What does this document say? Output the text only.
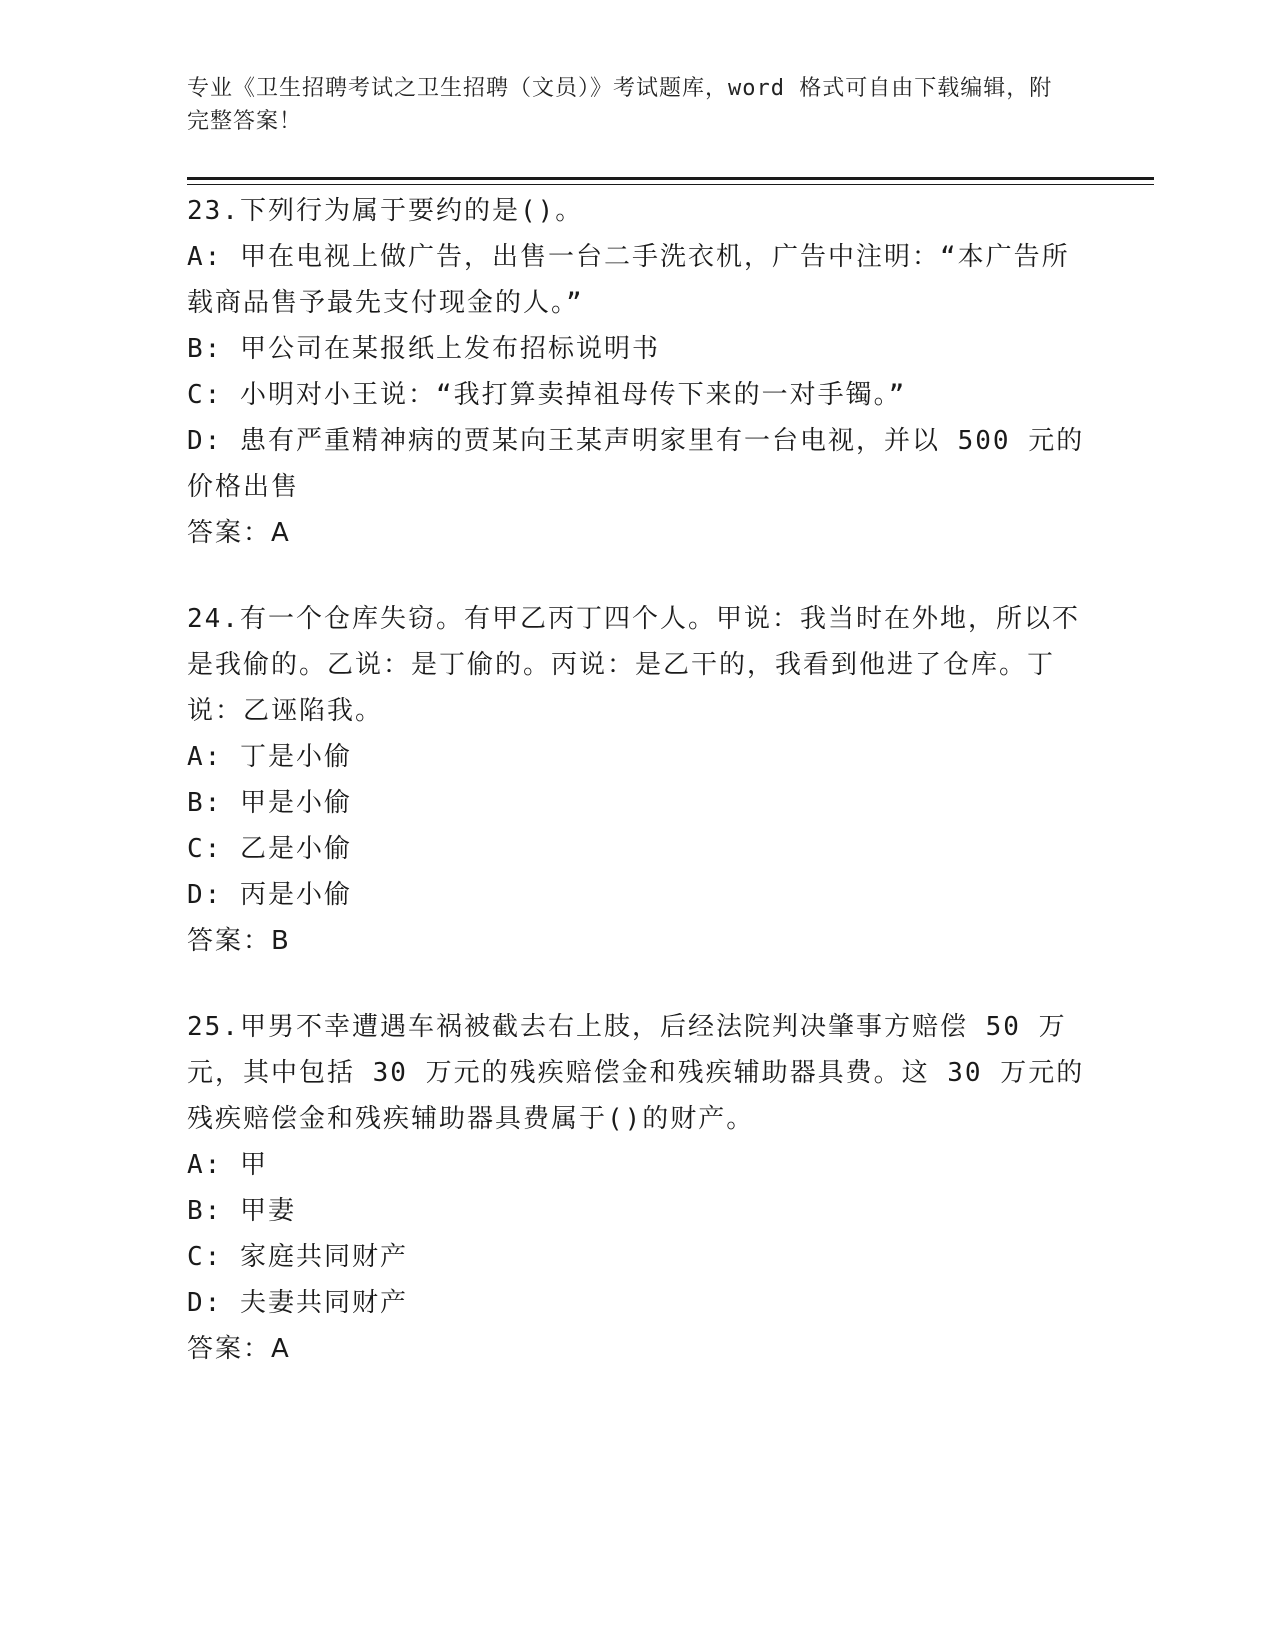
专业《卫生招聘考试之卫生招聘（文员）》考试题库，word 格式可自由下载编辑，附完整答案！
23.下列行为属于要约的是()。
A: 甲在电视上做广告，出售一台二手洗衣机，广告中注明：“本广告所载商品售予最先支付现金的人。”
B: 甲公司在某报纸上发布招标说明书
C: 小明对小王说：“我打算卖掉祖母传下来的一对手镯。”
D: 患有严重精神病的贾某向王某声明家里有一台电视，并以 500 元的价格出售
答案：A
24.有一个仓库失窃。有甲乙丙丁四个人。甲说：我当时在外地，所以不是我偷的。乙说：是丁偷的。丙说：是乙干的，我看到他进了仓库。丁说：乙诬陷我。
A: 丁是小偷
B: 甲是小偷
C: 乙是小偷
D: 丙是小偷
答案：B
25.甲男不幸遭遇车祸被截去右上肢，后经法院判决肇事方赔偿 50 万元，其中包括 30 万元的残疾赔偿金和残疾辅助器具费。这 30 万元的残疾赔偿金和残疾辅助器具费属于()的财产。
A: 甲
B: 甲妻
C: 家庭共同财产
D: 夫妻共同财产
答案：A
